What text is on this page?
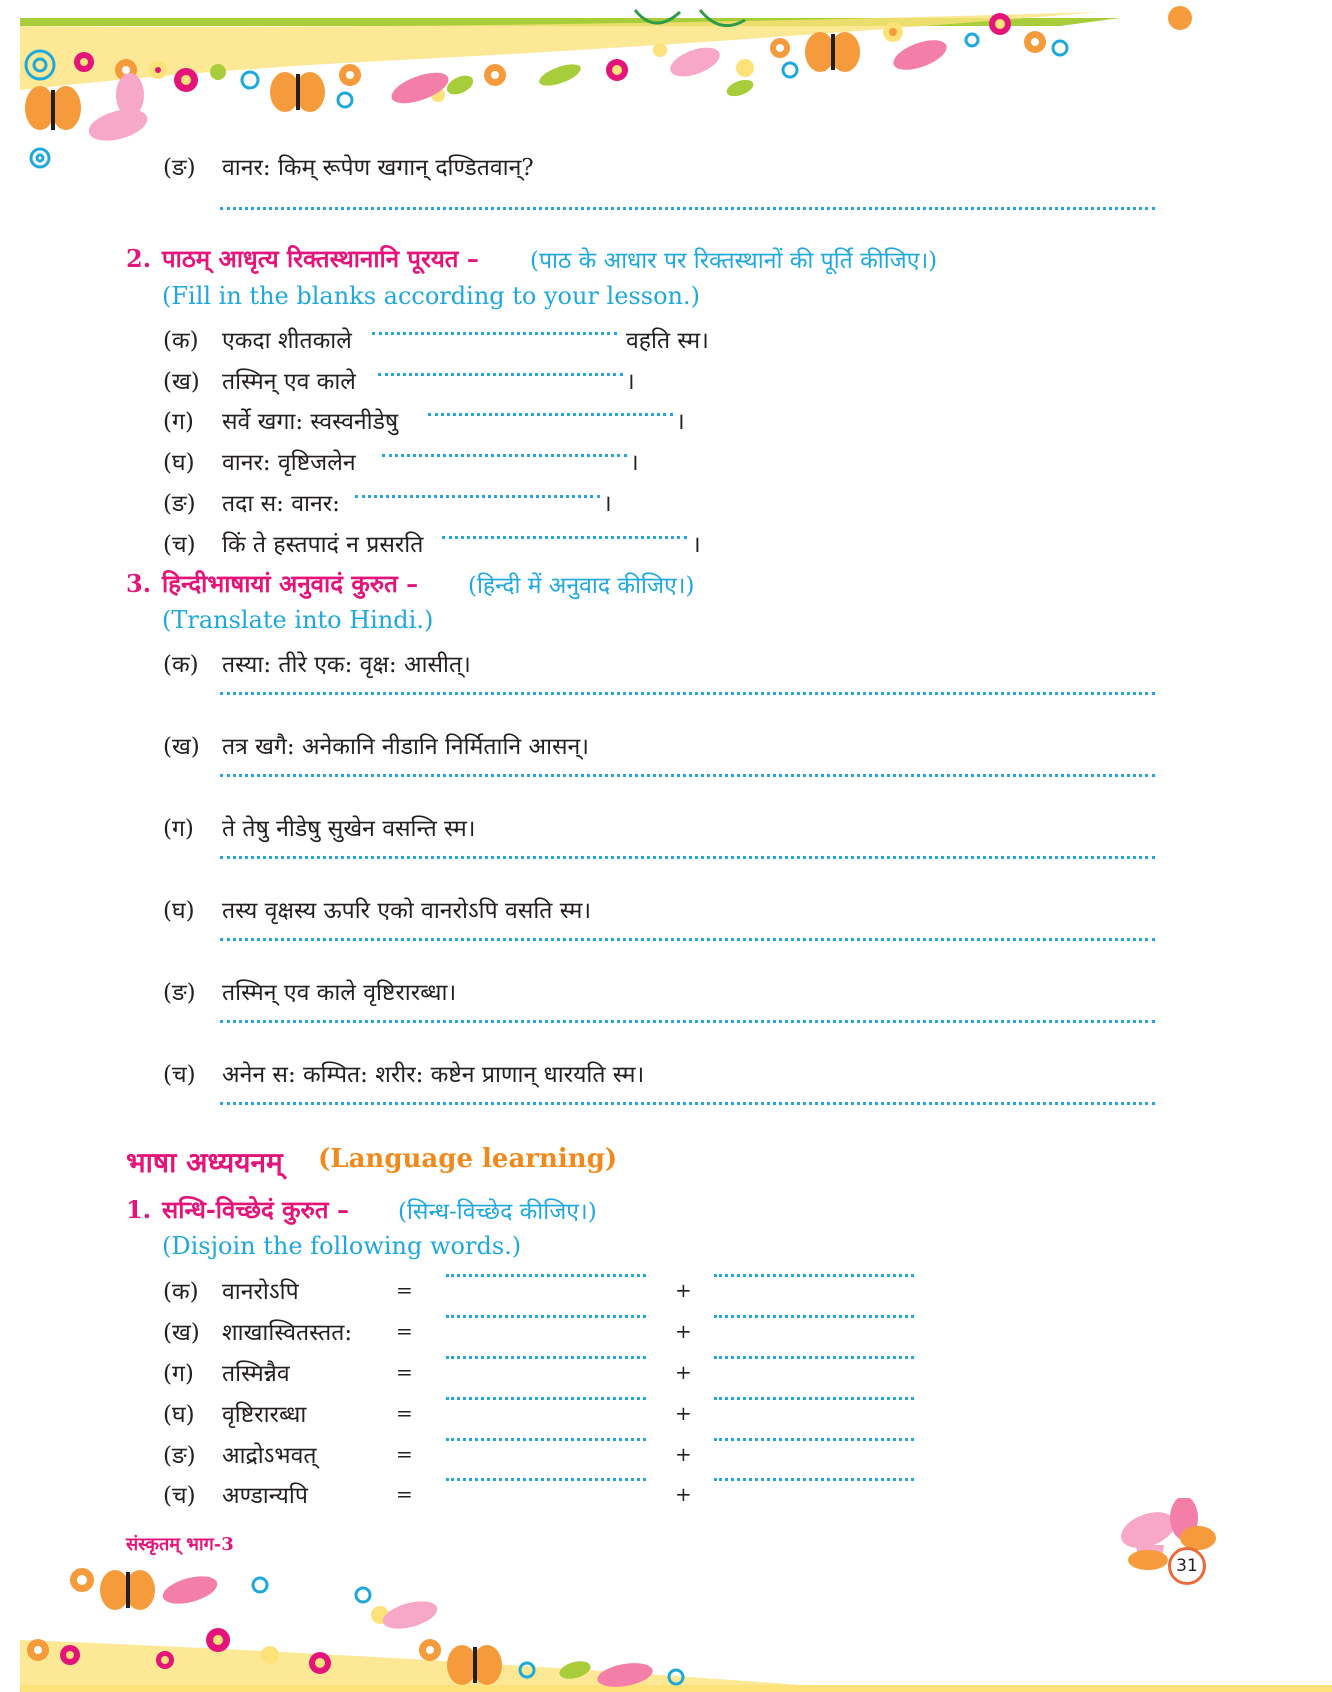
31
(ङ) वानर: किम् रूपेण खगान् दण्डितवान्?
2. पाठम् आधृत्य रिक्तस्थानानि पूरयत – (पाठ के आधार पर रिक्तस्थानों की पूर्ति कीजिए।)
(Fill in the blanks according to your lesson.)
(क) एकदा शीतकाले	वहति स्म।
(ख) तस्मिन् एव काले	।
(ग) सर्वे खगा: स्वस्वनीडेषु	।
(घ) वानर: वृष्टिजलेन	।
(ङ) तदा स: वानर:	।
(च) किं ते हस्तपादं न प्रसरति	।
3. हिन्दीभाषायां अनुवादं कुरुत – (हिन्दी में अनुवाद कीजिए।)
(Translate into Hindi.)
(क) तस्या: तीरे एक: वृक्ष: आसीत्।
(ख) तत्र खगै: अनेकानि नीडानि निर्मितानि आसन्।
(ग) ते तेषु नीडेषु सुखेन वसन्ति स्म।
(घ) तस्य वृक्षस्य ऊपरि एको वानरोऽपि वसति स्म।
(ङ) तस्मिन् एव काले वृष्टिरारब्धा।
(च) अनेन स: कम्पित: शरीर: कष्टेन प्राणान् धारयति स्म।
भाषा अध्ययनम् (Language learning)
1. सन्धि-विच्छेदं कुरुत – (सिन्ध-विच्छेद कीजिए।)
(Disjoin the following words.)
(क) वानरोऽपि	=	+
(ख) शाखास्वितस्तत: =	+
(ग) तस्मिन्नैव	=	+
(घ) वृष्टिरारब्धा	=	+
(ङ) आद्रोऽभवत्	=	+
(च) अण्डान्यपि	=	+
संस्कृतम् भाग-3
